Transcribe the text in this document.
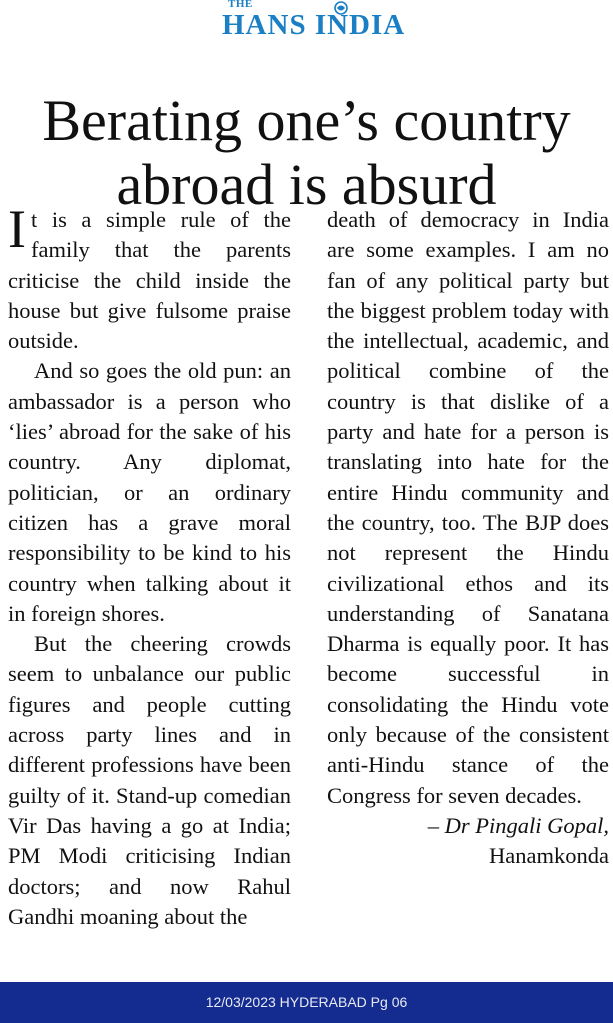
THE
HANS INDIA
Berating one’s country
abroad is absurd

It is a simple rule of the family that the parents criticise the child inside the house but give fulsome praise outside.

And so goes the old pun: an ambassador is a person who ‘lies’ abroad for the sake of his country. Any diplomat, politician, or an ordinary citizen has a grave moral responsibility to be kind to his country when talking about it in foreign shores.

But the cheering crowds seem to unbalance our public figures and people cutting across party lines and in different professions have been guilty of it. Stand-up comedian Vir Das having a go at India; PM Modi criticising Indian doctors; and now Rahul Gandhi moaning about the

death of democracy in India are some examples. I am no fan of any political party but the biggest problem today with the intellectual, academic, and political combine of the country is that dislike of a party and hate for a person is translating into hate for the entire Hindu community and the country, too. The BJP does not represent the Hindu civilizational ethos and its understanding of Sanatana Dharma is equally poor. It has become successful in consolidating the Hindu vote only because of the consistent anti-Hindu stance of the Congress for seven decades.

– Dr Pingali Gopal,
Hanamkonda
12/03/2023 HYDERABAD Pg 06
